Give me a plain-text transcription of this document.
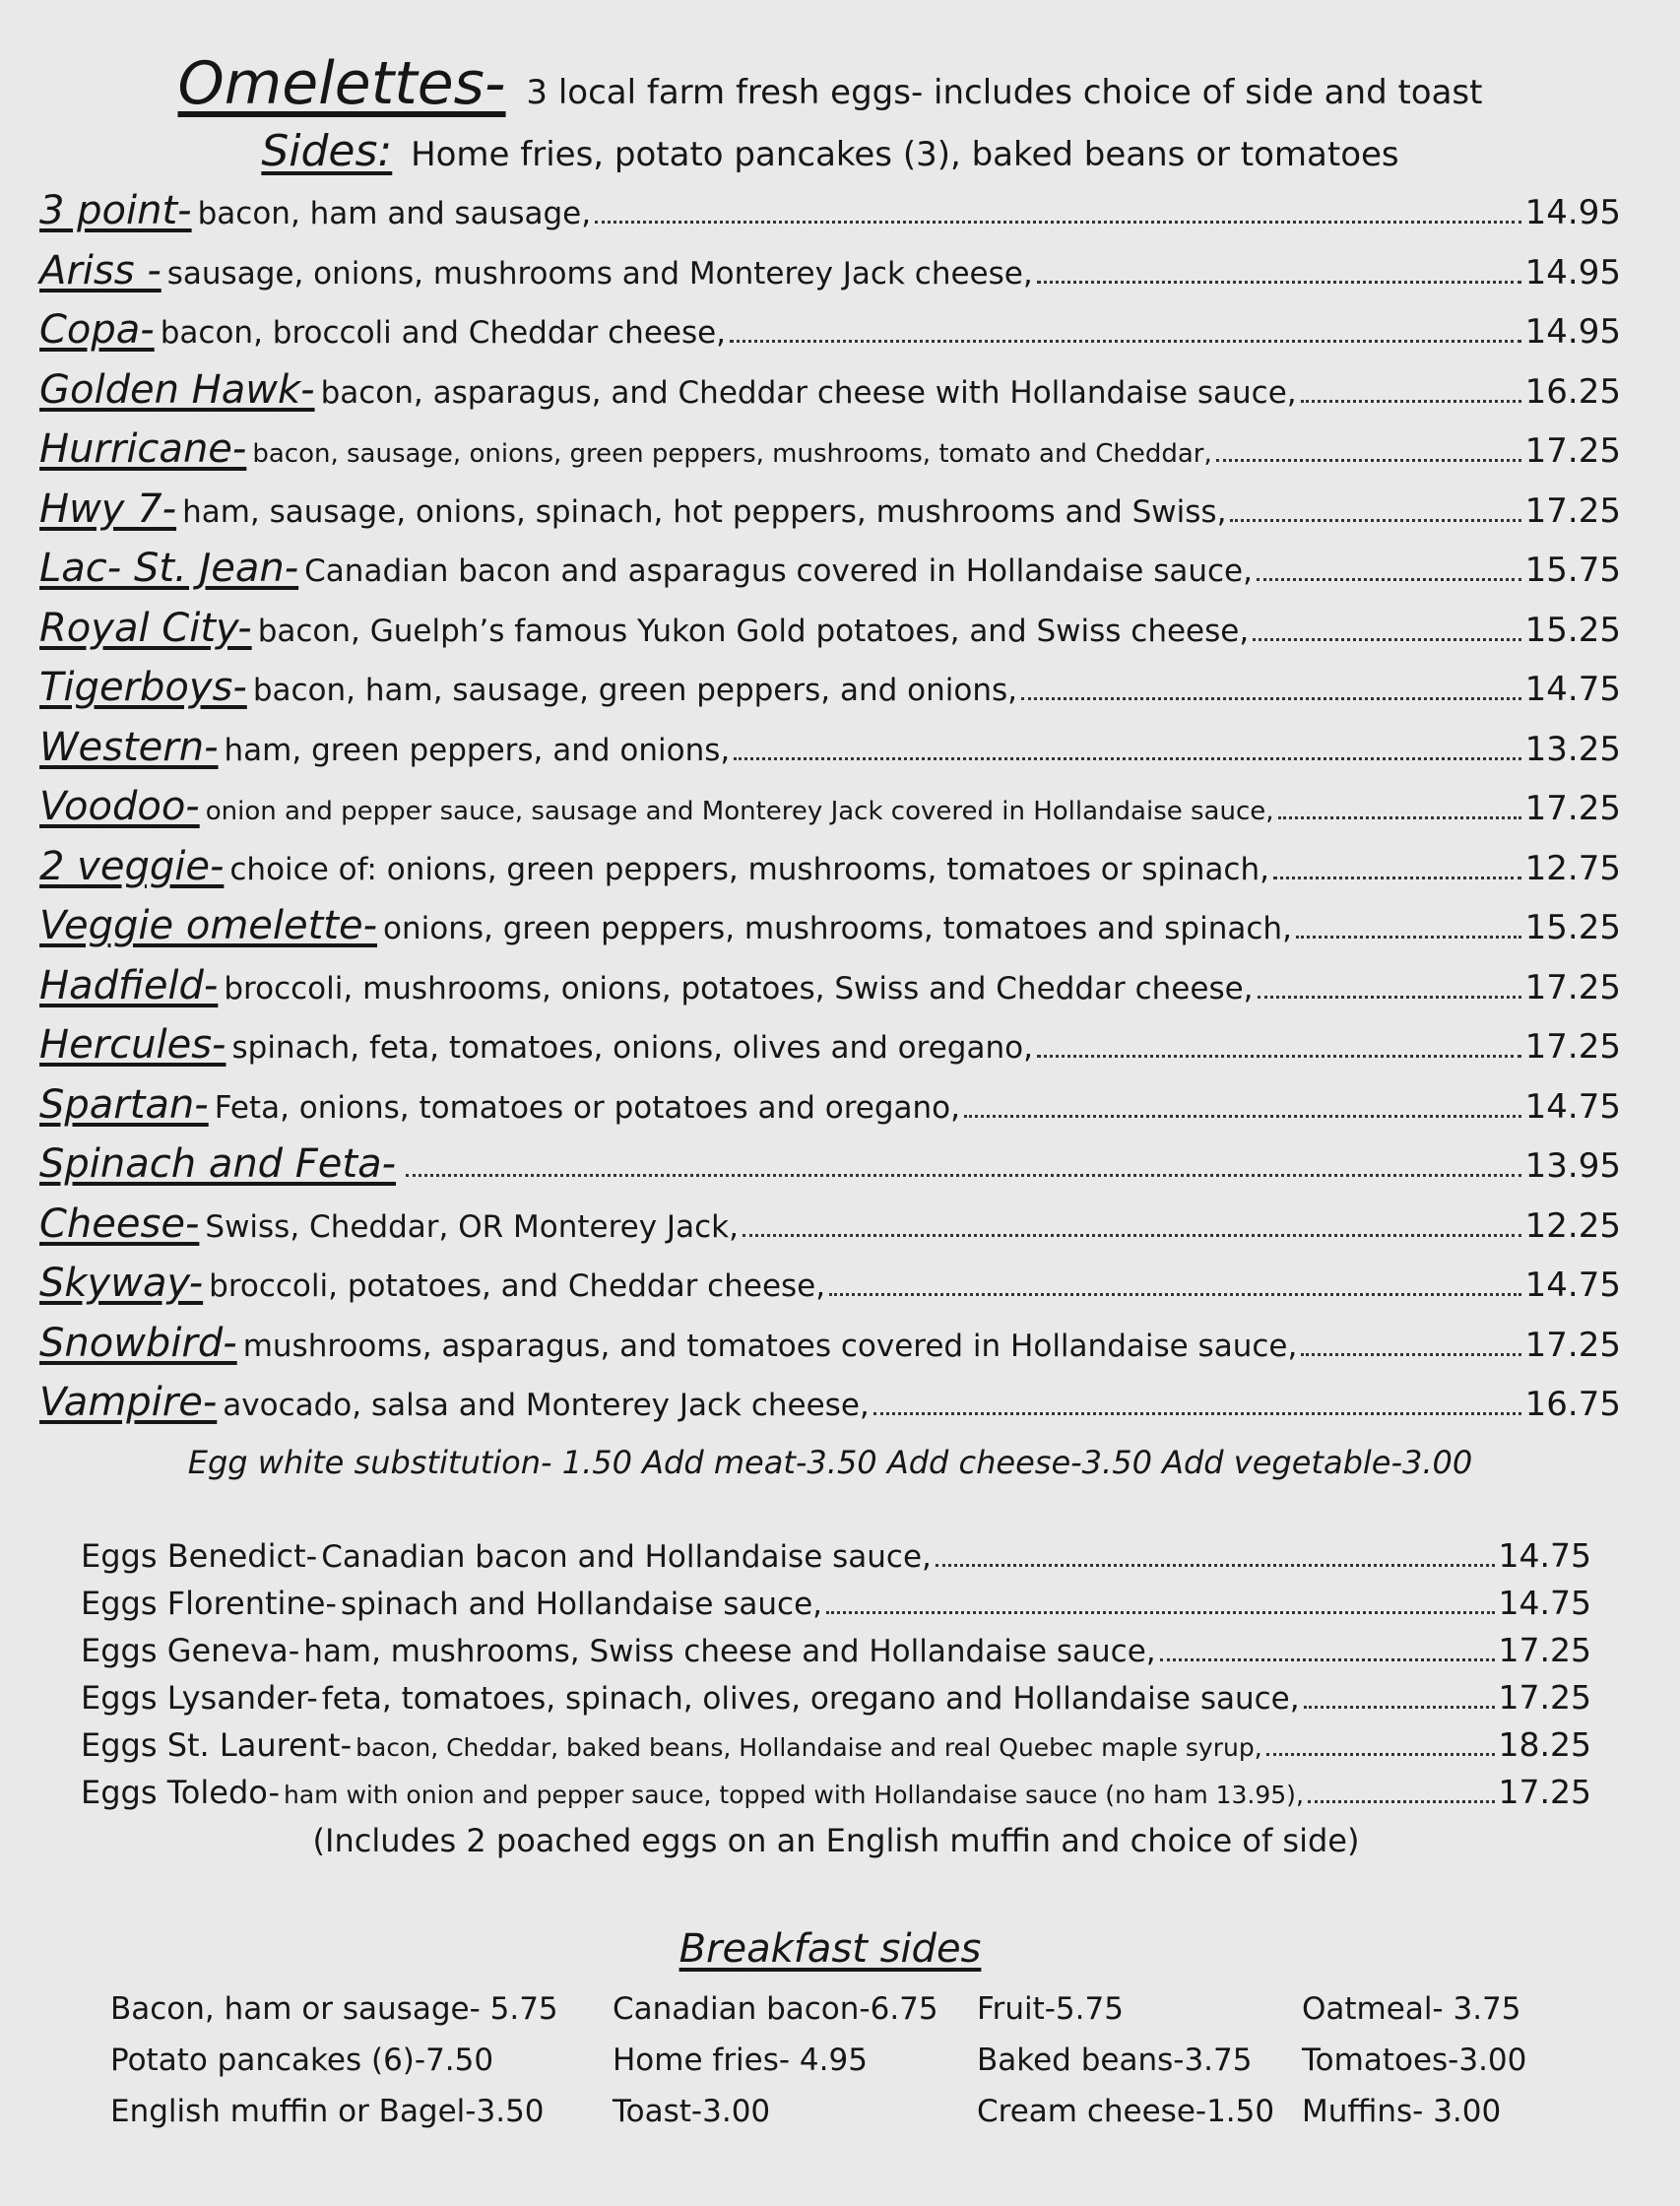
Omelettes- 3 local farm fresh eggs- includes choice of side and toast
Sides: Home fries, potato pancakes (3), baked beans or tomatoes
3 point- bacon, ham and sausage,	14.95
Ariss - sausage, onions, mushrooms and Monterey Jack cheese,	14.95
Copa- bacon, broccoli and Cheddar cheese,	14.95
Golden Hawk- bacon, asparagus, and Cheddar cheese with Hollandaise sauce,	16.25
Hurricane- bacon, sausage, onions, green peppers, mushrooms, tomato and Cheddar,	17.25
Hwy 7- ham, sausage, onions, spinach, hot peppers, mushrooms and Swiss,	17.25
Lac- St. Jean- Canadian bacon and asparagus covered in Hollandaise sauce,	15.75
Royal City- bacon, Guelph’s famous Yukon Gold potatoes, and Swiss cheese,	15.25
Tigerboys- bacon, ham, sausage, green peppers, and onions,	14.75
Western- ham, green peppers, and onions,	13.25
Voodoo- onion and pepper sauce, sausage and Monterey Jack covered in Hollandaise sauce,	17.25
2 veggie- choice of: onions, green peppers, mushrooms, tomatoes or spinach,	12.75
Veggie omelette- onions, green peppers, mushrooms, tomatoes and spinach,	15.25
Hadfield- broccoli, mushrooms, onions, potatoes, Swiss and Cheddar cheese,	17.25
Hercules- spinach, feta, tomatoes, onions, olives and oregano,	17.25
Spartan- Feta, onions, tomatoes or potatoes and oregano,	14.75
Spinach and Feta-	13.95
Cheese- Swiss, Cheddar, OR Monterey Jack,	12.25
Skyway- broccoli, potatoes, and Cheddar cheese,	14.75
Snowbird- mushrooms, asparagus, and tomatoes covered in Hollandaise sauce,	17.25
Vampire- avocado, salsa and Monterey Jack cheese,	16.75
Egg white substitution- 1.50 Add meat-3.50 Add cheese-3.50 Add vegetable-3.00
Eggs Benedict- Canadian bacon and Hollandaise sauce,	14.75
Eggs Florentine- spinach and Hollandaise sauce,	14.75
Eggs Geneva- ham, mushrooms, Swiss cheese and Hollandaise sauce,	17.25
Eggs Lysander- feta, tomatoes, spinach, olives, oregano and Hollandaise sauce,	17.25
Eggs St. Laurent- bacon, Cheddar, baked beans, Hollandaise and real Quebec maple syrup,	18.25
Eggs Toledo- ham with onion and pepper sauce, topped with Hollandaise sauce (no ham 13.95),	17.25
(Includes 2 poached eggs on an English muffin and choice of side)
Breakfast sides
Bacon, ham or sausage- 5.75	Canadian bacon-6.75	Fruit-5.75	Oatmeal- 3.75
Potato pancakes (6)-7.50	Home fries- 4.95	Baked beans-3.75	Tomatoes-3.00
English muffin or Bagel-3.50	Toast-3.00	Cream cheese-1.50 Muffins- 3.00
